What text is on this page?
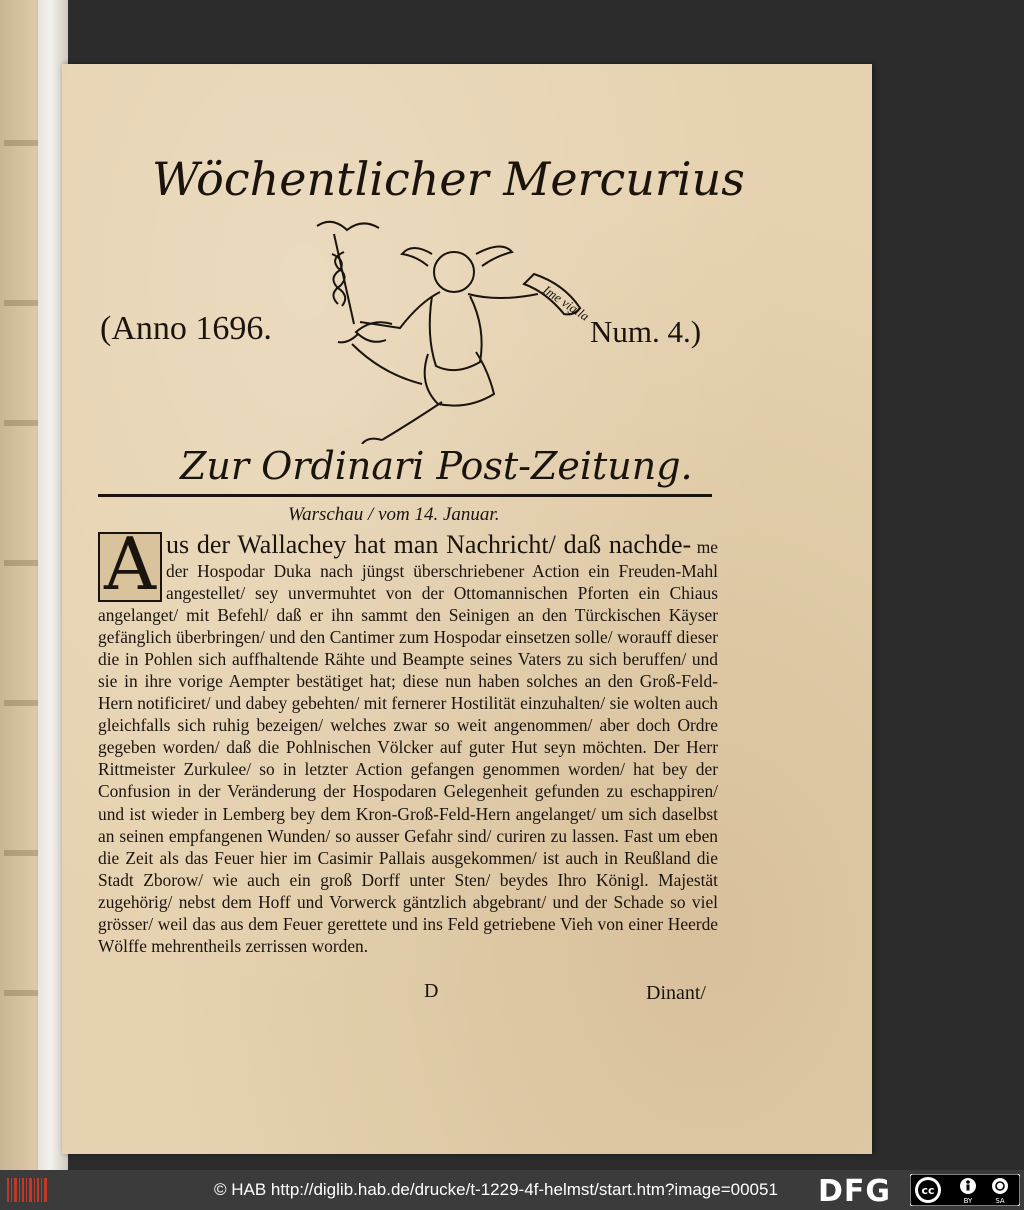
Wöchentlicher Mercurius
(Anno 1696.	Num. 4.)
Ime vigila
Zur Ordinari Post-Zeitung.
Warschau / vom 14. Januar.
A us der Wallachey hat man Nachricht/ daß nachde- me der Hospodar Duka nach jüngst überschriebener Action ein Freuden-Mahl angestellet/ sey unvermuhtet von der Ottomannischen Pforten ein Chiaus angelanget/ mit Befehl/ daß er ihn sammt den Seinigen an den Türckischen Käyser gefänglich überbringen/ und den Cantimer zum Hospodar einsetzen solle/ worauff dieser die in Pohlen sich auffhaltende Rähte und Beampte seines Vaters zu sich beruffen/ und sie in ihre vorige Aempter bestätiget hat; diese nun haben solches an den Groß-Feld-Hern notificiret/ und dabey gebehten/ mit fernerer Hostilität einzuhalten/ sie wolten auch gleichfalls sich ruhig bezeigen/ welches zwar so weit angenommen/ aber doch Ordre gegeben worden/ daß die Pohlnischen Völcker auf guter Hut seyn möchten. Der Herr Rittmeister Zurkulee/ so in letzter Action gefangen genommen worden/ hat bey der Confusion in der Veränderung der Hospodaren Gelegenheit gefunden zu eschappiren/ und ist wieder in Lemberg bey dem Kron-Groß-Feld-Hern angelanget/ um sich daselbst an seinen empfangenen Wunden/ so ausser Gefahr sind/ curiren zu lassen. Fast um eben die Zeit als das Feuer hier im Casimir Pallais ausgekommen/ ist auch in Reußland die Stadt Zborow/ wie auch ein groß Dorff unter Sten/ beydes Ihro Königl. Majestät zugehörig/ nebst dem Hoff und Vorwerck gäntzlich abgebrant/ und der Schade so viel grösser/ weil das aus dem Feuer gerettete und ins Feld getriebene Vieh von einer Heerde Wölffe mehrentheils zerrissen worden.
D	Dinant/
© HAB http://diglib.hab.de/drucke/t-1229-4f-helmst/start.htm?image=00051 DFG	cc
BY	SA
